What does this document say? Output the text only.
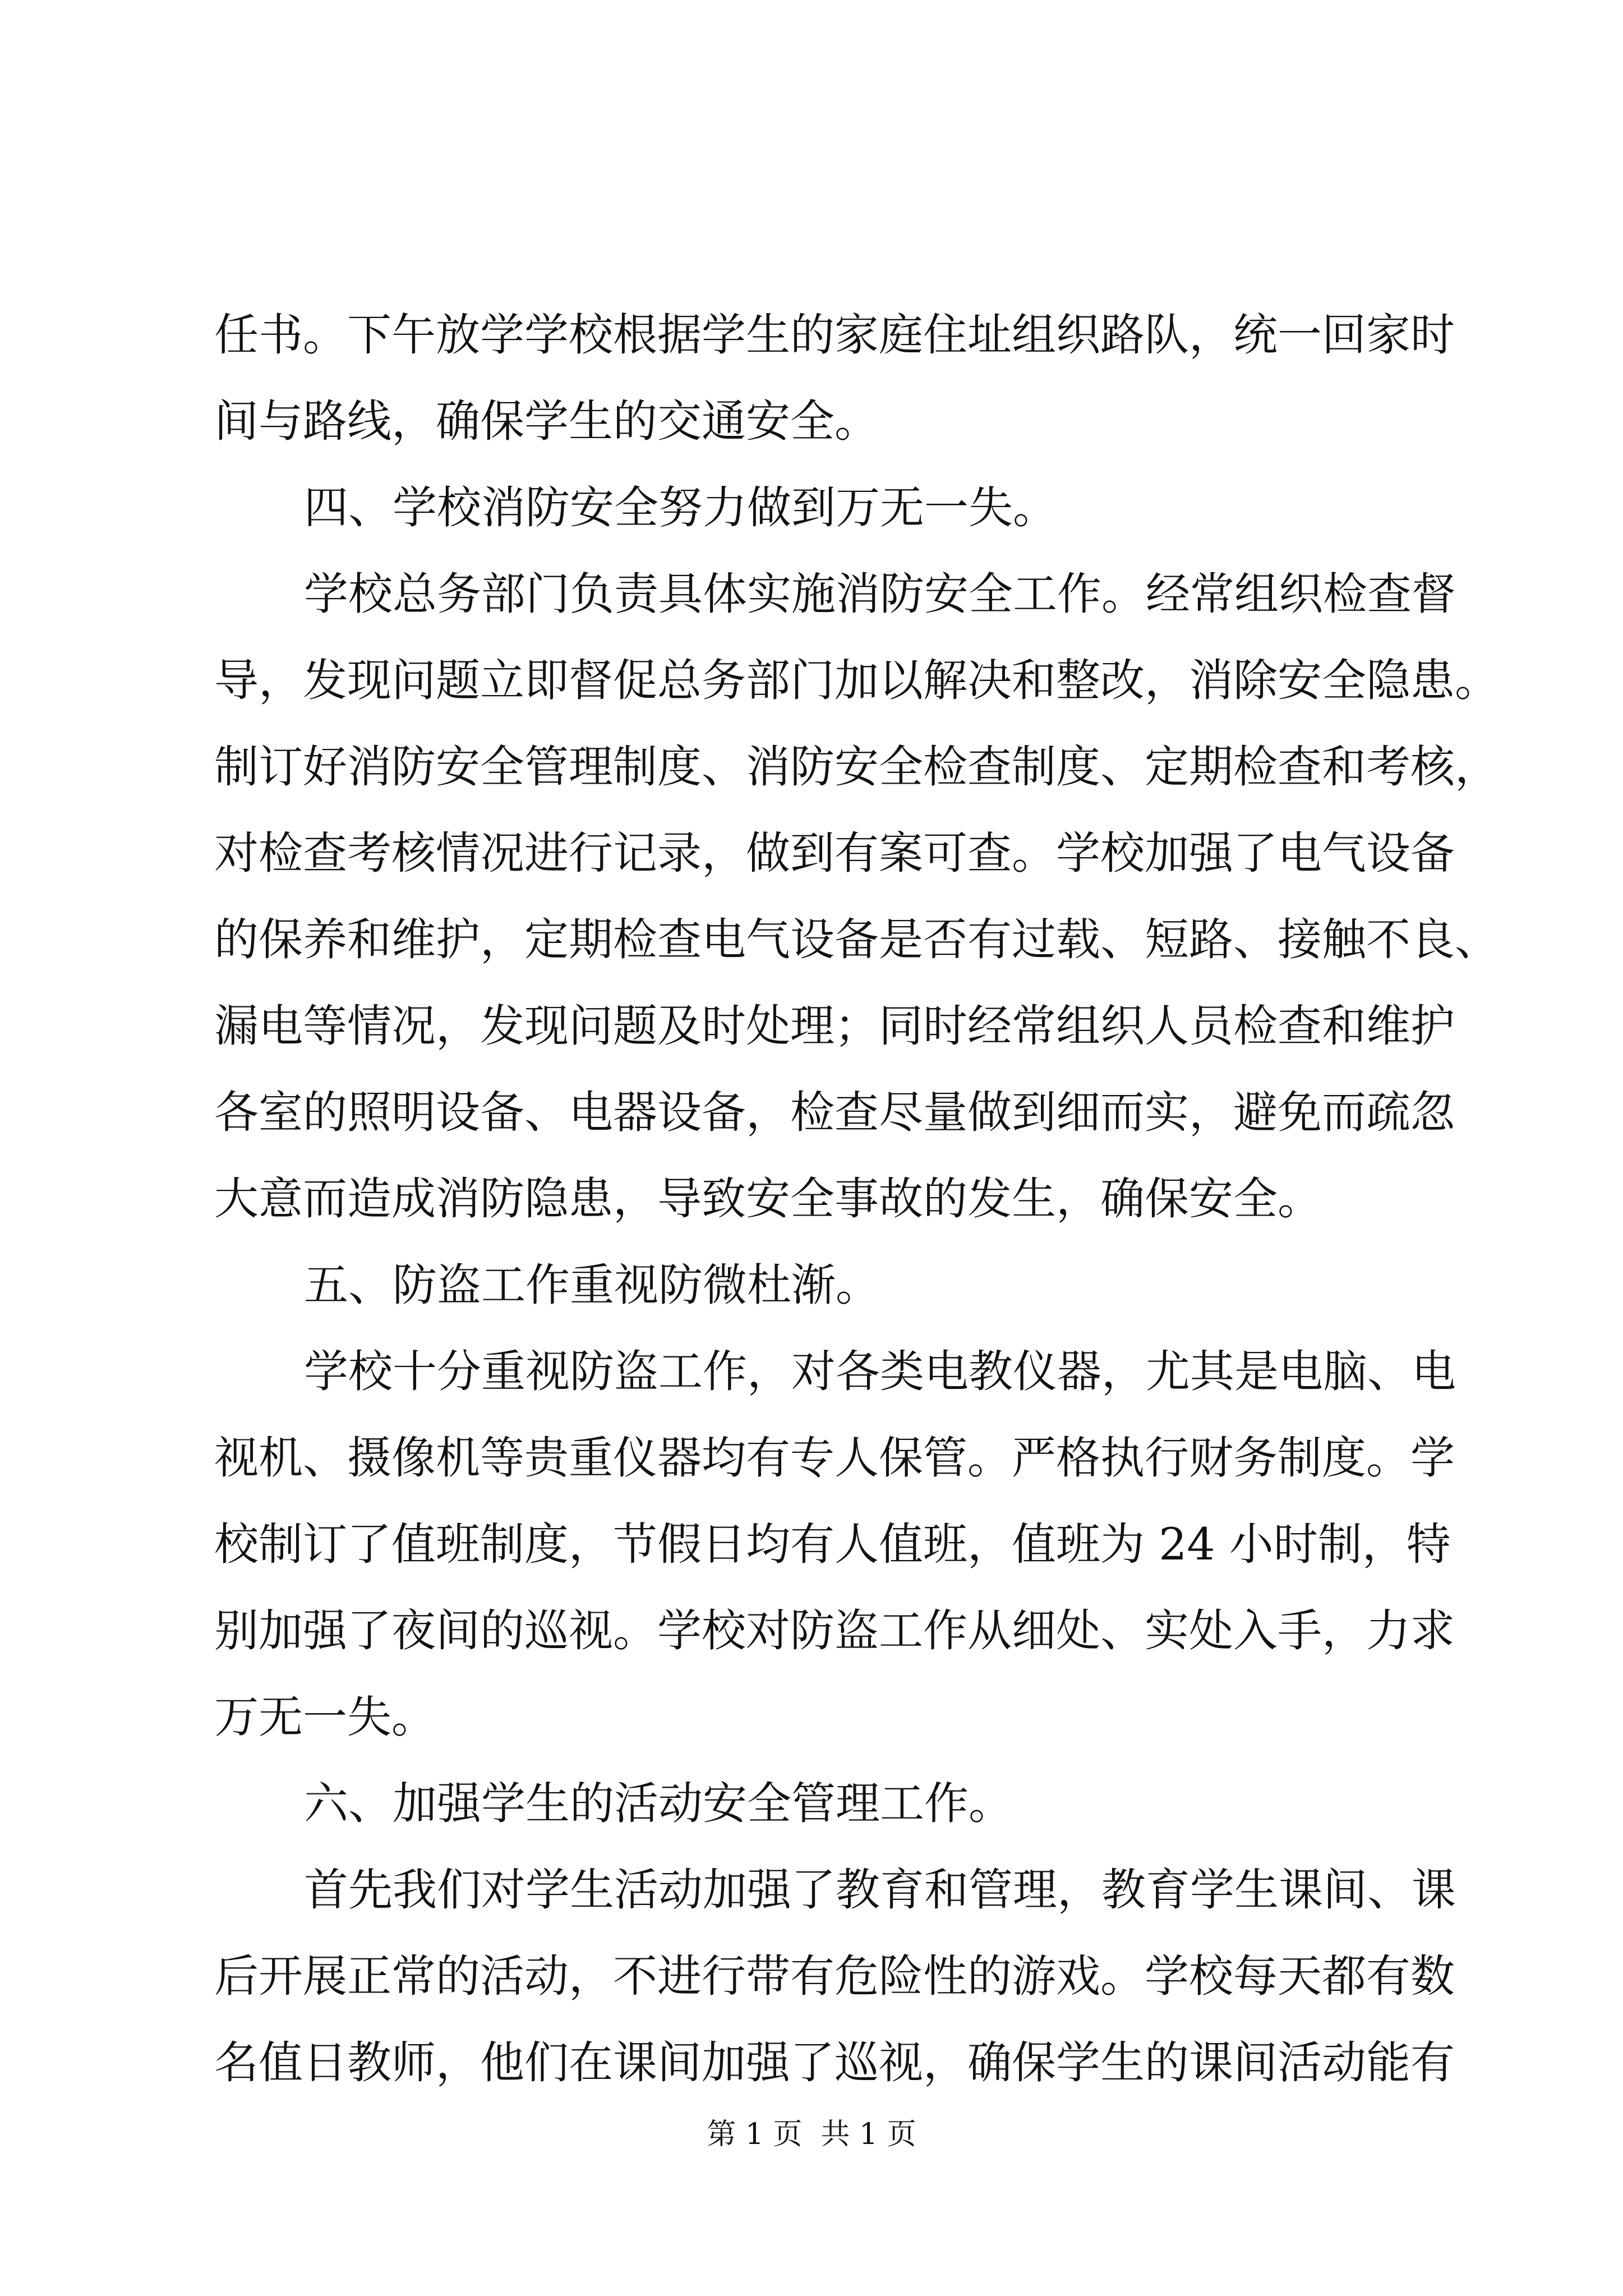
任书。下午放学学校根据学生的家庭住址组织路队，统一回家时
间与路线，确保学生的交通安全。
四、学校消防安全努力做到万无一失。
学校总务部门负责具体实施消防安全工作。经常组织检查督
导，发现问题立即督促总务部门加以解决和整改，消除安全隐患。
制订好消防安全管理制度、消防安全检查制度、定期检查和考核，
对检查考核情况进行记录，做到有案可查。学校加强了电气设备
的保养和维护，定期检查电气设备是否有过载、短路、接触不良、
漏电等情况，发现问题及时处理；同时经常组织人员检查和维护
各室的照明设备、电器设备，检查尽量做到细而实，避免而疏忽
大意而造成消防隐患，导致安全事故的发生，确保安全。
五、防盗工作重视防微杜渐。
学校十分重视防盗工作，对各类电教仪器，尤其是电脑、电
视机、摄像机等贵重仪器均有专人保管。严格执行财务制度。学
校制订了值班制度，节假日均有人值班，值班为 24 小时制，特
别加强了夜间的巡视。学校对防盗工作从细处、实处入手，力求
万无一失。
六、加强学生的活动安全管理工作。
首先我们对学生活动加强了教育和管理，教育学生课间、课
后开展正常的活动，不进行带有危险性的游戏。学校每天都有数
名值日教师，他们在课间加强了巡视，确保学生的课间活动能有
第 1 页  共 1 页
